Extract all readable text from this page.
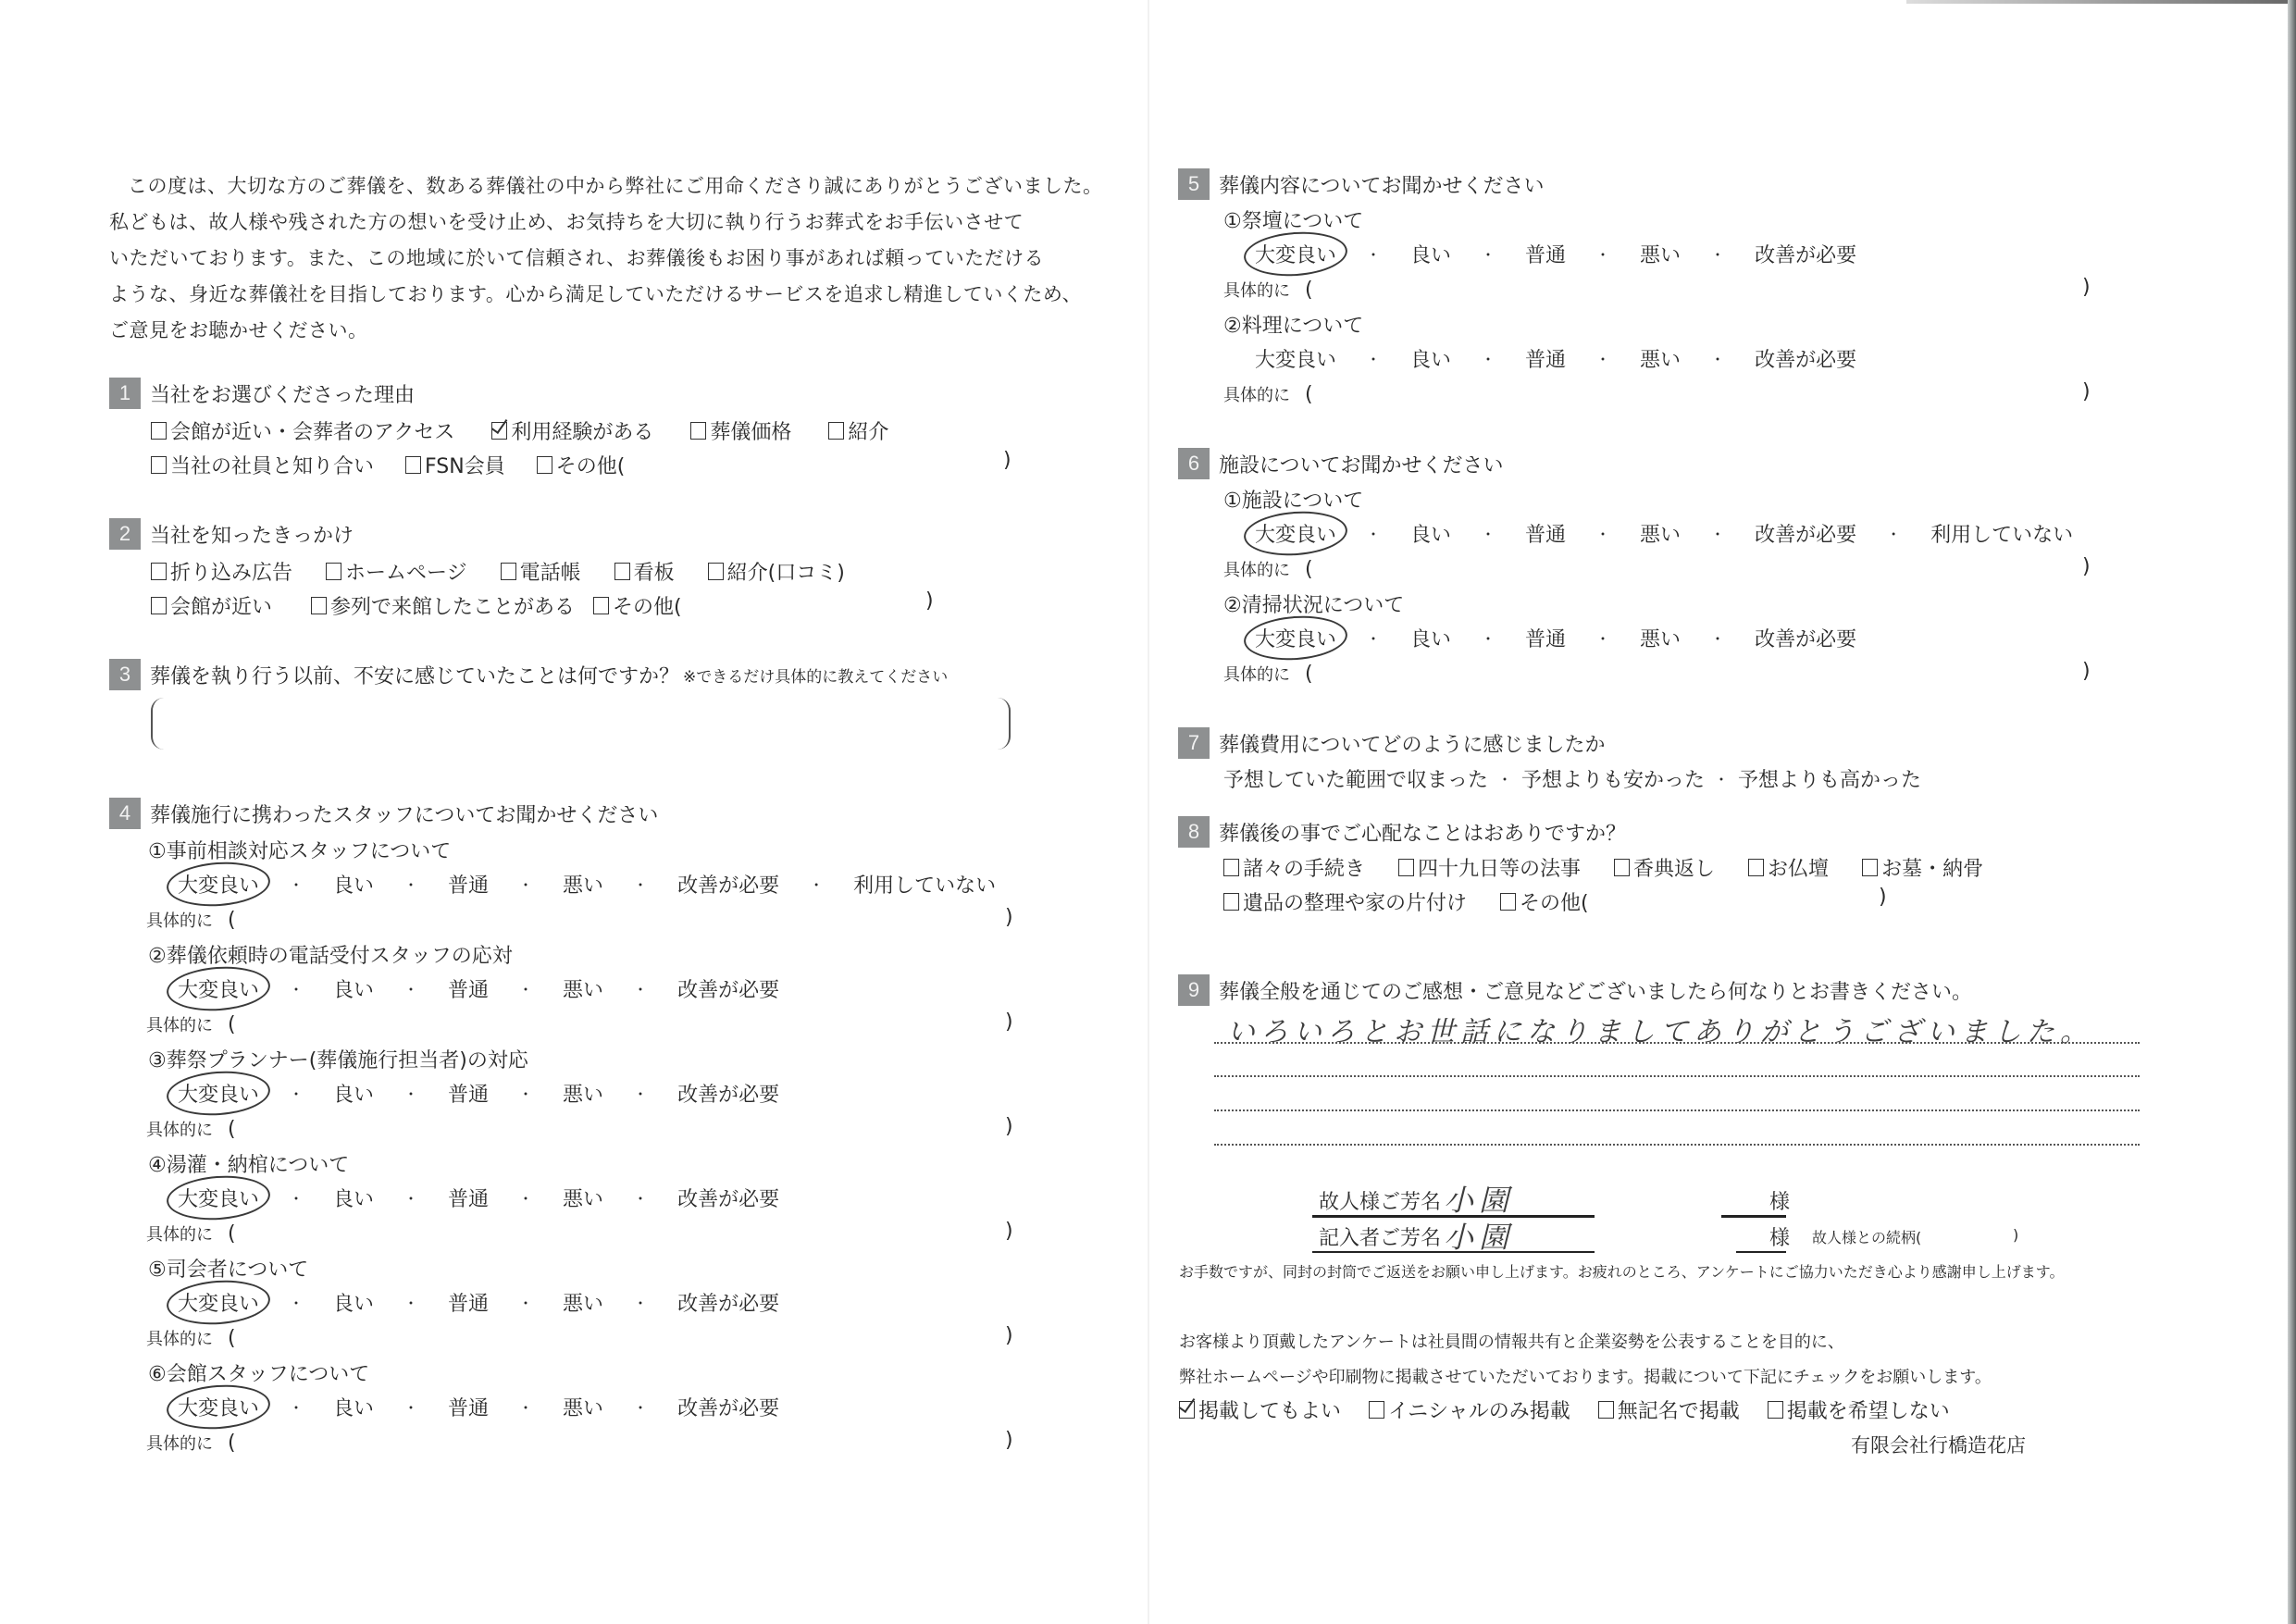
この度は、大切な方のご葬儀を、数ある葬儀社の中から弊社にご用命くださり誠にありがとうございました。
私どもは、故人様や残された方の想いを受け止め、お気持ちを大切に執り行うお葬式をお手伝いさせて
いただいております。また、この地域に於いて信頼され、お葬儀後もお困り事があれば頼っていただける
ような、身近な葬儀社を目指しております。心から満足していただけるサービスを追求し精進していくため、
ご意見をお聴かせください。
1 当社をお選びくださった理由
会館が近い・会葬者のアクセス	利用経験がある	葬儀価格	紹介
当社の社員と知り合い	FSN会員	その他(	)
2 当社を知ったきっかけ
折り込み広告	ホームページ	電話帳	看板	紹介(口コミ)
会館が近い	参列で来館したことがある その他(	)
3 葬儀を執り行う以前、不安に感じていたことは何ですか？ ※できるだけ具体的に教えてください
4 葬儀施行に携わったスタッフについてお聞かせください
①事前相談対応スタッフについて
大変良い	・	良い	・	普通	・	悪い	・	改善が必要	・	利用していない
具体的に (	)
②葬儀依頼時の電話受付スタッフの応対
大変良い	・	良い	・	普通	・	悪い	・	改善が必要
具体的に (	)
③葬祭プランナー(葬儀施行担当者)の対応
大変良い	・	良い	・	普通	・	悪い	・	改善が必要
具体的に (	)
④湯灌・納棺について
大変良い	・	良い	・	普通	・	悪い	・	改善が必要
具体的に (	)
⑤司会者について
大変良い	・	良い	・	普通	・	悪い	・	改善が必要
具体的に (	)
⑥会館スタッフについて
大変良い	・	良い	・	普通	・	悪い	・	改善が必要
具体的に (	)
5 葬儀内容についてお聞かせください
①祭壇について
大変良い	・	良い	・	普通	・	悪い	・	改善が必要
具体的に (	)
②料理について
大変良い	・	良い	・	普通	・	悪い	・	改善が必要
具体的に (	)
6 施設についてお聞かせください
①施設について
大変良い	・	良い	・	普通	・	悪い	・	改善が必要	・	利用していない
具体的に (	)
②清掃状況について
大変良い	・	良い	・	普通	・	悪い	・	改善が必要
具体的に (	)
7 葬儀費用についてどのように感じましたか
予想していた範囲で収まった ・ 予想よりも安かった ・ 予想よりも高かった
8 葬儀後の事でご心配なことはおありですか？
諸々の手続き	四十九日等の法事	香典返し	お仏壇	お墓・納骨
遺品の整理や家の片付け	その他(	)
9 葬儀全般を通じてのご感想・ご意見などございましたら何なりとお書きください。
いろいろとお世話になりましてありがとうございました。
故人様ご芳名 小園	様
記入者ご芳名 小園	様 故人様との続柄(	)
お手数ですが、同封の封筒でご返送をお願い申し上げます。お疲れのところ、アンケートにご協力いただき心より感謝申し上げます。
お客様より頂戴したアンケートは社員間の情報共有と企業姿勢を公表することを目的に、
弊社ホームページや印刷物に掲載させていただいております。掲載について下記にチェックをお願いします。
掲載してもよい イニシャルのみ掲載 無記名で掲載 掲載を希望しない
有限会社行橋造花店
